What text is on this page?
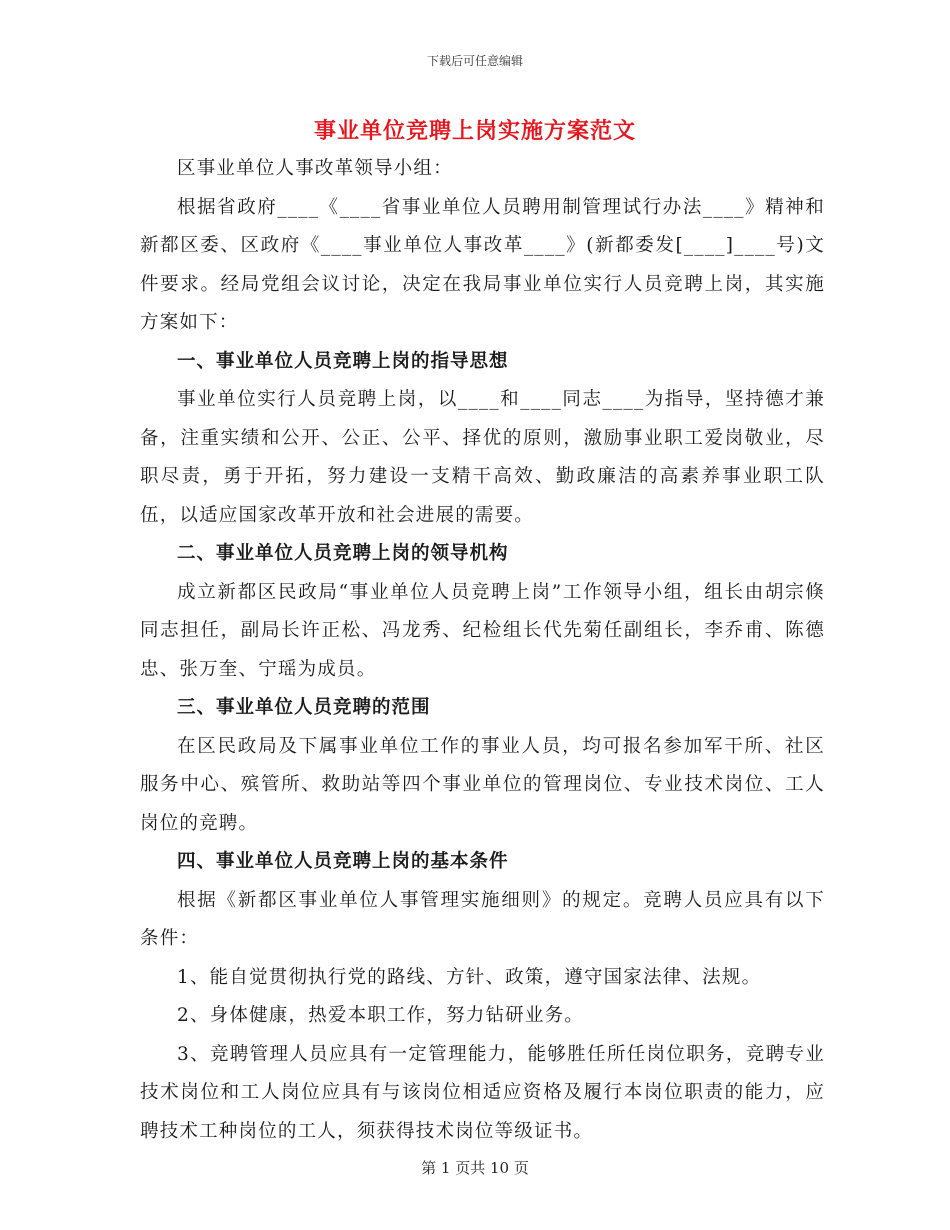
下载后可任意编辑
事业单位竞聘上岗实施方案范文

区事业单位人事改革领导小组：

根据省政府____《____省事业单位人员聘用制管理试行办法____》精神和新都区委、区政府《____事业单位人事改革____》(新都委发[____]____号)文件要求。经局党组会议讨论，决定在我局事业单位实行人员竞聘上岗，其实施方案如下：

一、事业单位人员竞聘上岗的指导思想

事业单位实行人员竞聘上岗，以____和____同志____为指导，坚持德才兼备，注重实绩和公开、公正、公平、择优的原则，激励事业职工爱岗敬业，尽职尽责，勇于开拓，努力建设一支精干高效、勤政廉洁的高素养事业职工队伍，以适应国家改革开放和社会进展的需要。

二、事业单位人员竞聘上岗的领导机构

成立新都区民政局“事业单位人员竞聘上岗”工作领导小组，组长由胡宗倏同志担任，副局长许正松、冯龙秀、纪检组长代先菊任副组长，李乔甫、陈德忠、张万奎、宁瑶为成员。

三、事业单位人员竞聘的范围

在区民政局及下属事业单位工作的事业人员，均可报名参加军干所、社区服务中心、殡管所、救助站等四个事业单位的管理岗位、专业技术岗位、工人岗位的竞聘。

四、事业单位人员竞聘上岗的基本条件

根据《新都区事业单位人事管理实施细则》的规定。竞聘人员应具有以下条件：

1、能自觉贯彻执行党的路线、方针、政策，遵守国家法律、法规。

2、身体健康，热爱本职工作，努力钻研业务。

3、竞聘管理人员应具有一定管理能力，能够胜任所任岗位职务，竞聘专业技术岗位和工人岗位应具有与该岗位相适应资格及履行本岗位职责的能力，应聘技术工种岗位的工人，须获得技术岗位等级证书。

第 1 页共 10 页
